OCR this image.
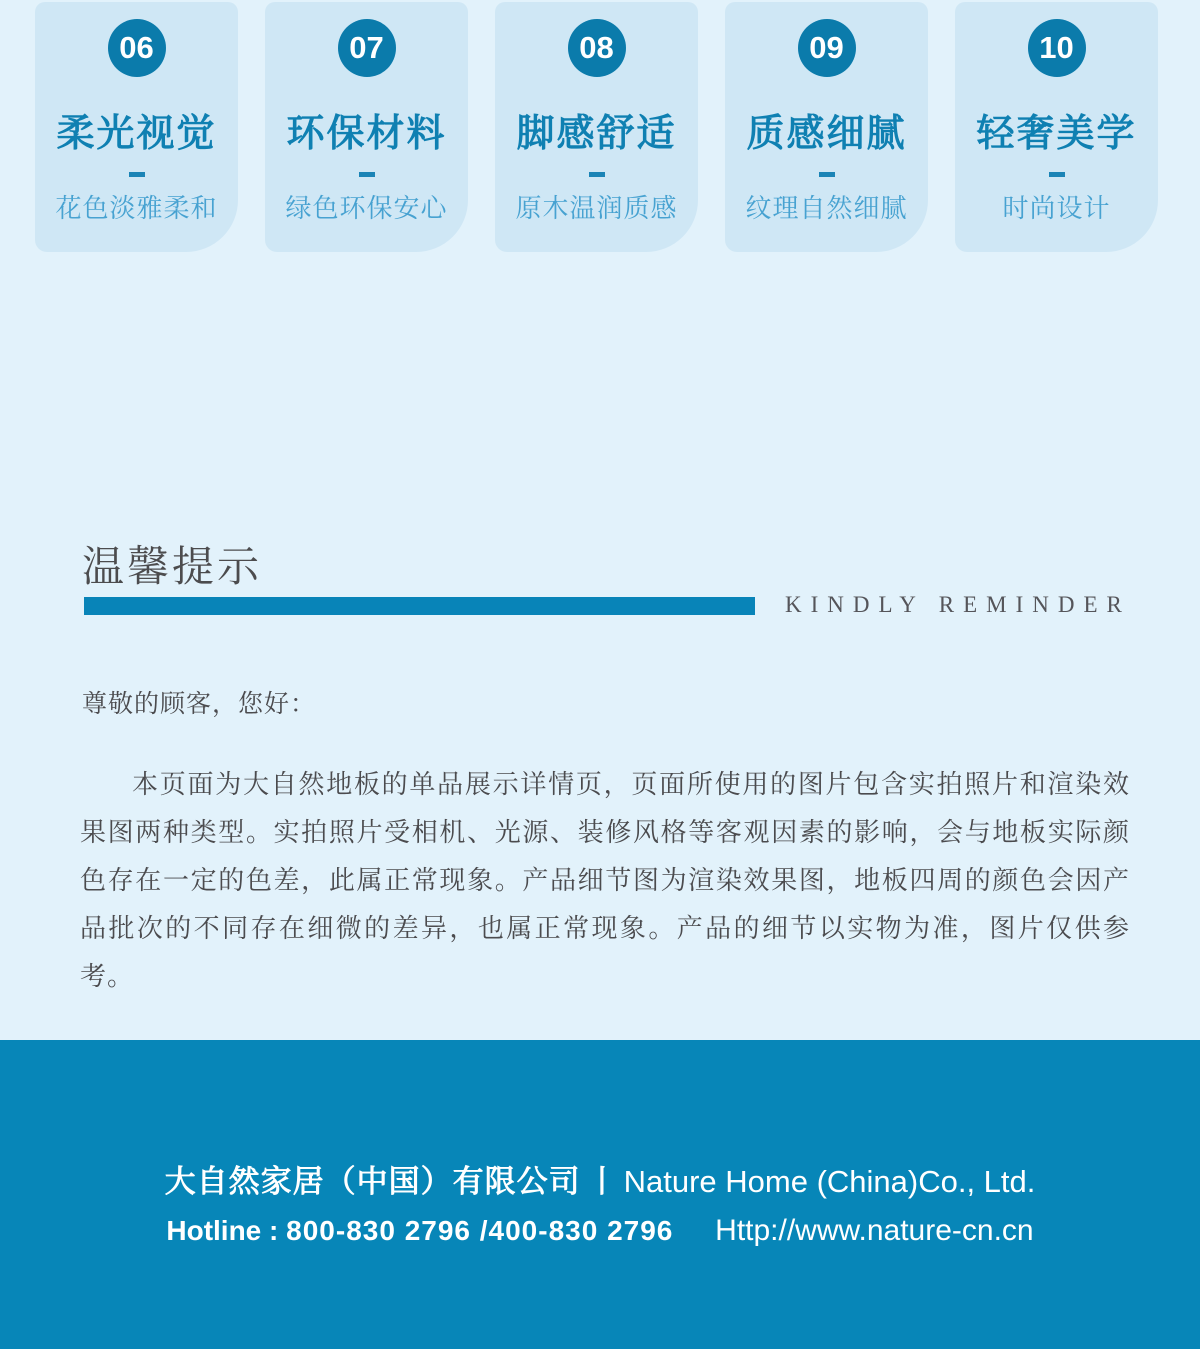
06
柔光视觉
花色淡雅柔和
07
环保材料
绿色环保安心
08
脚感舒适
原木温润质感
09
质感细腻
纹理自然细腻
10
轻奢美学
时尚设计
温馨提示
KINDLY REMINDER
尊敬的顾客，您好：
本页面为大自然地板的单品展示详情页，页面所使用的图片包含实拍照片和渲染效果图两种类型。实拍照片受相机、光源、装修风格等客观因素的影响，会与地板实际颜色存在一定的色差，此属正常现象。产品细节图为渲染效果图，地板四周的颜色会因产品批次的不同存在细微的差异，也属正常现象。产品的细节以实物为准，图片仅供参考。
大自然家居（中国）有限公司 丨 Nature Home (China)Co., Ltd.
Hotline : 800-830 2796 /400-830 2796 Http://www.nature-cn.cn
